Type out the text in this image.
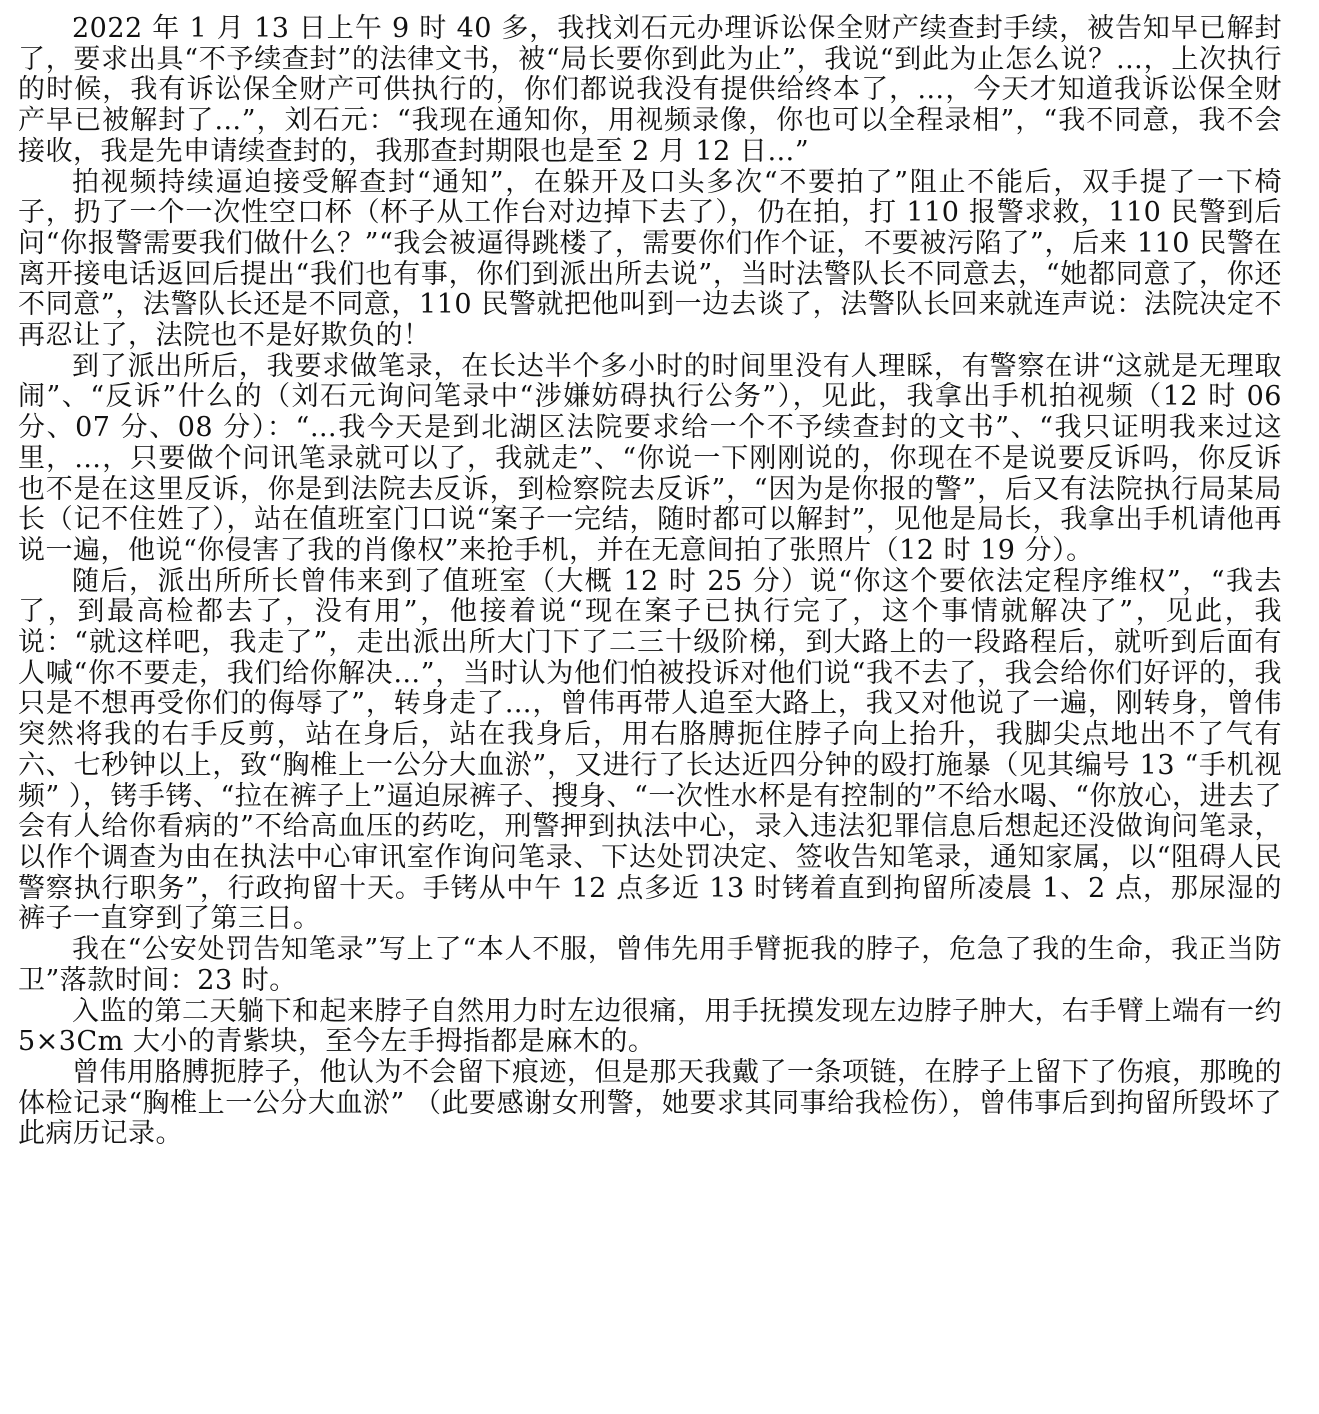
2022 年 1 月 13 日上午 9 时 40 多，我找刘石元办理诉讼保全财产续查封手续，被告知早已解封了，要求出具“不予续查封”的法律文书，被“局长要你到此为止”，我说“到此为止怎么说？…，上次执行的时候，我有诉讼保全财产可供执行的，你们都说我没有提供给终本了，…，今天才知道我诉讼保全财产早已被解封了…”，刘石元：“我现在通知你，用视频录像，你也可以全程录相”，“我不同意，我不会接收，我是先申请续查封的，我那查封期限也是至 2 月 12 日…”

拍视频持续逼迫接受解查封“通知”，在躲开及口头多次“不要拍了”阻止不能后，双手提了一下椅子，扔了一个一次性空口杯（杯子从工作台对边掉下去了），仍在拍，打 110 报警求救，110 民警到后问“你报警需要我们做什么？”“我会被逼得跳楼了，需要你们作个证，不要被污陷了”，后来 110 民警在离开接电话返回后提出“我们也有事，你们到派出所去说”，当时法警队长不同意去，“她都同意了，你还不同意”，法警队长还是不同意，110 民警就把他叫到一边去谈了，法警队长回来就连声说：法院决定不再忍让了，法院也不是好欺负的！

到了派出所后，我要求做笔录，在长达半个多小时的时间里没有人理睬，有警察在讲“这就是无理取闹”、“反诉”什么的（刘石元询问笔录中“涉嫌妨碍执行公务”），见此，我拿出手机拍视频（12 时 06 分、07 分、08 分）：“…我今天是到北湖区法院要求给一个不予续查封的文书”、“我只证明我来过这里，…，只要做个问讯笔录就可以了，我就走”、“你说一下刚刚说的，你现在不是说要反诉吗，你反诉也不是在这里反诉，你是到法院去反诉，到检察院去反诉”，“因为是你报的警”，后又有法院执行局某局长（记不住姓了），站在值班室门口说“案子一完结，随时都可以解封”，见他是局长，我拿出手机请他再说一遍，他说“你侵害了我的肖像权”来抢手机，并在无意间拍了张照片（12 时 19 分）。

随后，派出所所长曾伟来到了值班室（大概 12 时 25 分）说“你这个要依法定程序维权”，“我去了，到最高检都去了，没有用”，他接着说“现在案子已执行完了，这个事情就解决了”，见此，我说：“就这样吧，我走了”，走出派出所大门下了二三十级阶梯，到大路上的一段路程后，就听到后面有人喊“你不要走，我们给你解决…”，当时认为他们怕被投诉对他们说“我不去了，我会给你们好评的，我只是不想再受你们的侮辱了”，转身走了…，曾伟再带人追至大路上，我又对他说了一遍，刚转身，曾伟突然将我的右手反剪，站在身后，站在我身后，用右胳膊扼住脖子向上抬升，我脚尖点地出不了气有六、七秒钟以上，致“胸椎上一公分大血淤”，又进行了长达近四分钟的殴打施暴（见其编号 13 “手机视频” ），铐手铐、“拉在裤子上”逼迫尿裤子、搜身、“一次性水杯是有控制的”不给水喝、“你放心，进去了会有人给你看病的”不给高血压的药吃，刑警押到执法中心，录入违法犯罪信息后想起还没做询问笔录，以作个调查为由在执法中心审讯室作询问笔录、下达处罚决定、签收告知笔录，通知家属，以“阻碍人民警察执行职务”，行政拘留十天。手铐从中午 12 点多近 13 时铐着直到拘留所凌晨 1、2 点，那尿湿的裤子一直穿到了第三日。

我在“公安处罚告知笔录”写上了“本人不服，曾伟先用手臂扼我的脖子，危急了我的生命，我正当防卫”落款时间：23 时。

入监的第二天躺下和起来脖子自然用力时左边很痛，用手抚摸发现左边脖子肿大，右手臂上端有一约 5×3Cm 大小的青紫块，至今左手拇指都是麻木的。

曾伟用胳膊扼脖子，他认为不会留下痕迹，但是那天我戴了一条项链，在脖子上留下了伤痕，那晚的体检记录“胸椎上一公分大血淤” （此要感谢女刑警，她要求其同事给我检伤），曾伟事后到拘留所毁坏了此病历记录。
